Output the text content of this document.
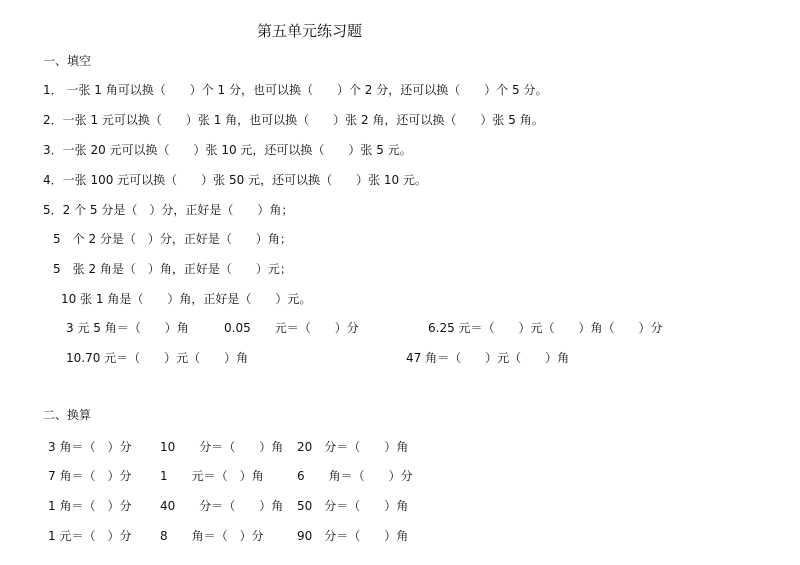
第五单元练习题
一、填空
1． 一张 1 角可以换（　　）个 1 分，也可以换（　　）个 2 分，还可以换（　　）个 5 分。
2．一张 1 元可以换（　　）张 1 角，也可以换（　　）张 2 角，还可以换（　　）张 5 角。
3．一张 20 元可以换（　　）张 10 元，还可以换（　　）张 5 元。
4．一张 100 元可以换（　　）张 50 元，还可以换（　　）张 10 元。
5．2 个 5 分是（　）分，正好是（　　）角；
5　个 2 分是（　）分，正好是（　　）角；
5　张 2 角是（　）角，正好是（　　）元；
10 张 1 角是（　　）角，正好是（　　）元。
3 元 5 角＝（　　）角	0.05　　元＝（　　）分	6.25 元＝（　　）元（　　）角（　　）分
10.70 元＝（　　）元（　　）角	47 角＝（　　）元（　　）角
二、换算
3 角＝（　）分 10　　分＝（　　）角 20　分＝（　　）角
7 角＝（　）分 1　　元＝（　）角	6　　角＝（　　）分
1 角＝（　）分 40　　分＝（　　）角 50　分＝（　　）角
1 元＝（　）分 8　　角＝（　）分	90　分＝（　　）角
